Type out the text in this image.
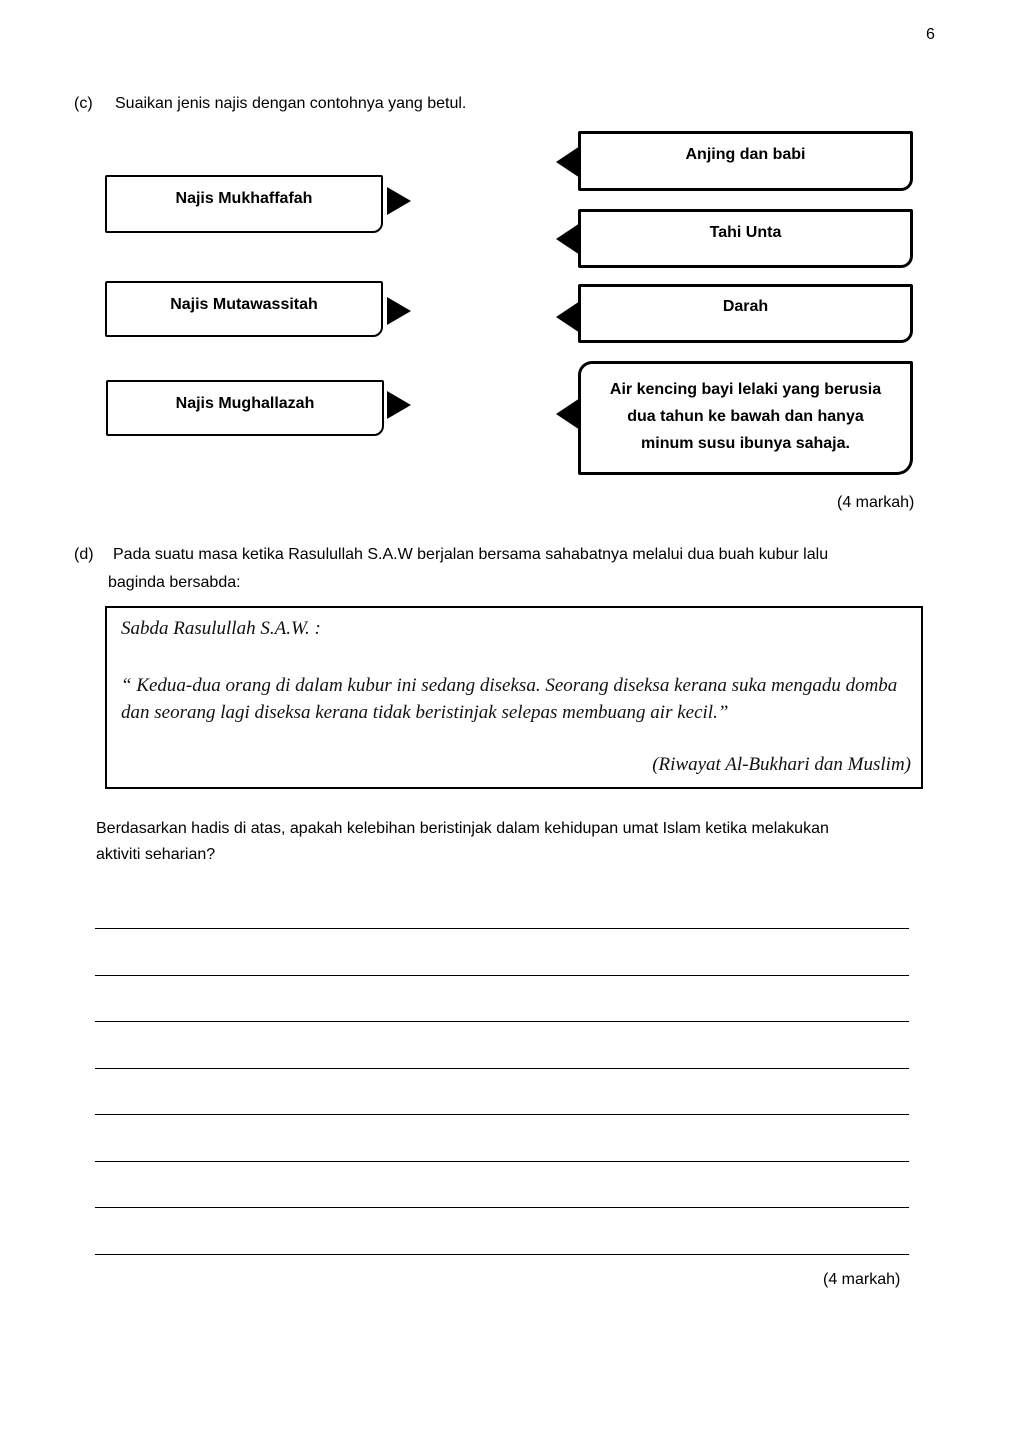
6
(c) Suaikan jenis najis dengan contohnya yang betul.
Najis Mukhaffafah
Najis Mutawassitah
Najis Mughallazah
Anjing dan babi
Tahi Unta
Darah
Air kencing bayi lelaki yang berusia
dua tahun ke bawah dan hanya
minum susu ibunya sahaja.
(4 markah)
(d) Pada suatu masa ketika Rasulullah S.A.W berjalan bersama sahabatnya melalui dua buah kubur lalu
baginda bersabda:
Sabda Rasulullah S.A.W. :
“ Kedua-dua orang di dalam kubur ini sedang diseksa. Seorang diseksa kerana suka mengadu domba dan seorang lagi diseksa kerana tidak beristinjak selepas membuang air kecil.”
(Riwayat Al-Bukhari dan Muslim)
Berdasarkan hadis di atas, apakah kelebihan beristinjak dalam kehidupan umat Islam ketika melakukan
aktiviti seharian?
(4 markah)
